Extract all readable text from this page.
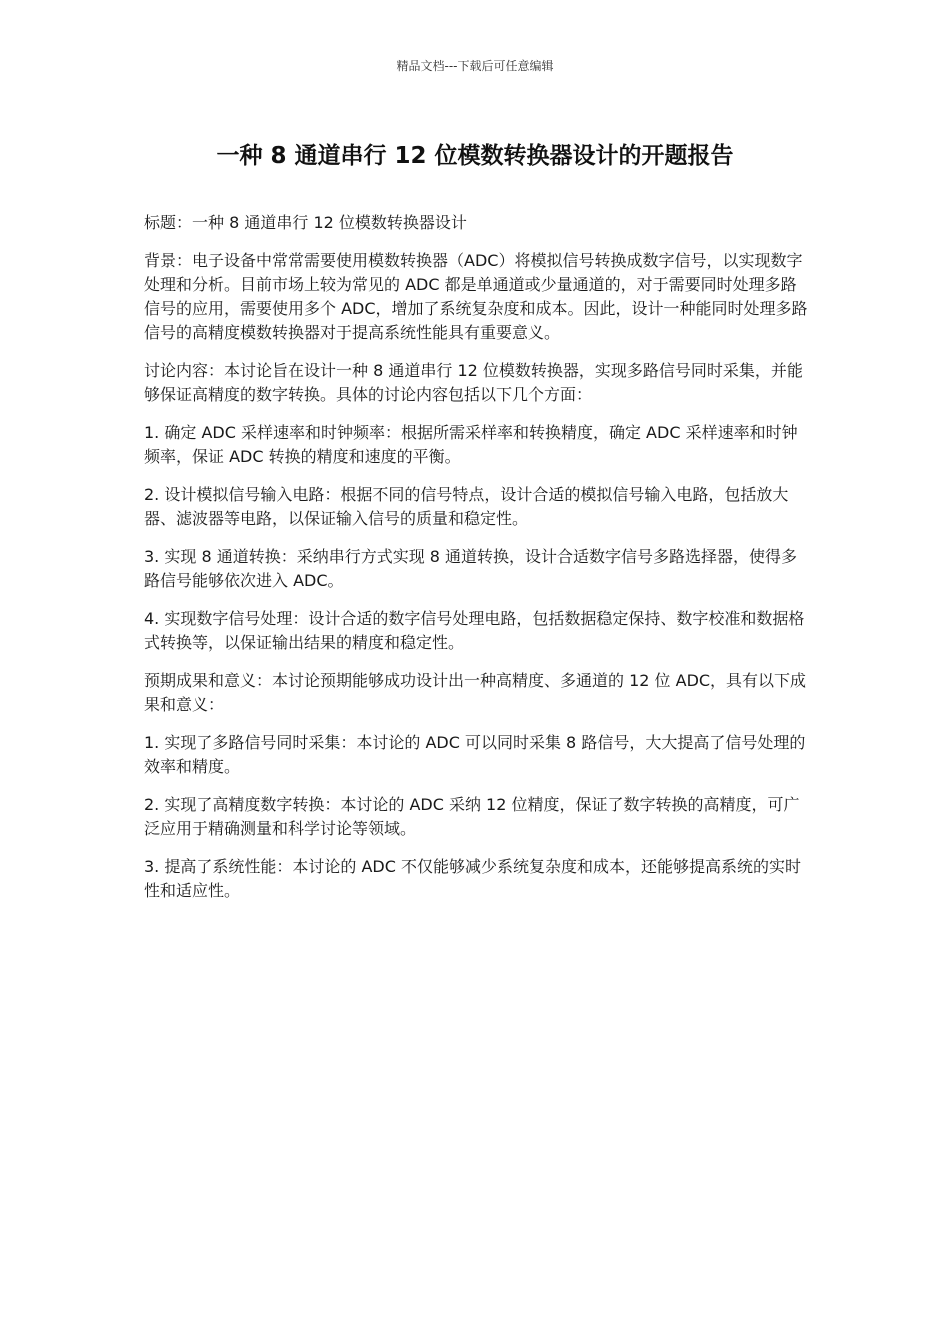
精品文档---下载后可任意编辑
一种 8 通道串行 12 位模数转换器设计的开题报告

标题：一种 8 通道串行 12 位模数转换器设计

背景：电子设备中常常需要使用模数转换器（ADC）将模拟信号转换成数字信号，以实现数字处理和分析。目前市场上较为常见的 ADC 都是单通道或少量通道的，对于需要同时处理多路信号的应用，需要使用多个 ADC，增加了系统复杂度和成本。因此，设计一种能同时处理多路信号的高精度模数转换器对于提高系统性能具有重要意义。

讨论内容：本讨论旨在设计一种 8 通道串行 12 位模数转换器，实现多路信号同时采集，并能够保证高精度的数字转换。具体的讨论内容包括以下几个方面：

1. 确定 ADC 采样速率和时钟频率：根据所需采样率和转换精度，确定 ADC 采样速率和时钟频率，保证 ADC 转换的精度和速度的平衡。

2. 设计模拟信号输入电路：根据不同的信号特点，设计合适的模拟信号输入电路，包括放大器、滤波器等电路，以保证输入信号的质量和稳定性。

3. 实现 8 通道转换：采纳串行方式实现 8 通道转换，设计合适数字信号多路选择器，使得多路信号能够依次进入 ADC。

4. 实现数字信号处理：设计合适的数字信号处理电路，包括数据稳定保持、数字校准和数据格式转换等，以保证输出结果的精度和稳定性。

预期成果和意义：本讨论预期能够成功设计出一种高精度、多通道的 12 位 ADC，具有以下成果和意义：

1. 实现了多路信号同时采集：本讨论的 ADC 可以同时采集 8 路信号，大大提高了信号处理的效率和精度。

2. 实现了高精度数字转换：本讨论的 ADC 采纳 12 位精度，保证了数字转换的高精度，可广泛应用于精确测量和科学讨论等领域。

3. 提高了系统性能：本讨论的 ADC 不仅能够减少系统复杂度和成本，还能够提高系统的实时性和适应性。
